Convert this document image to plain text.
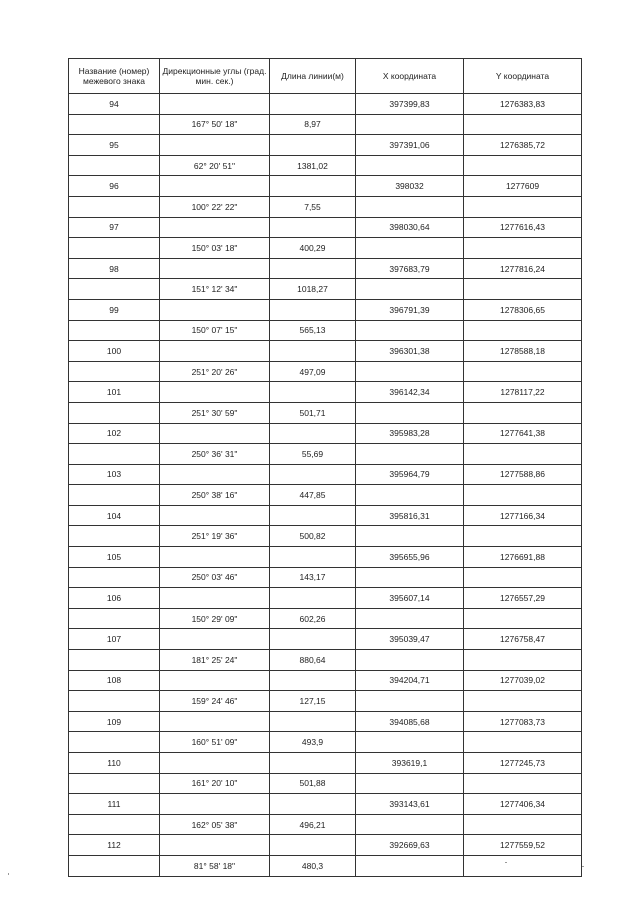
Название (номер) межевого знака	Дирекционные углы (град. мин. сек.)	Длина линии(м)	X координата	Y координата
94			397399,83	1276383,83
	167° 50' 18"	8,97		
95			397391,06	1276385,72
	62° 20' 51"	1381,02		
96			398032	1277609
	100° 22' 22"	7,55		
97			398030,64	1277616,43
	150° 03' 18"	400,29		
98			397683,79	1277816,24
	151° 12' 34"	1018,27		
99			396791,39	1278306,65
	150° 07' 15"	565,13		
100			396301,38	1278588,18
	251° 20' 26"	497,09		
101			396142,34	1278117,22
	251° 30' 59"	501,71		
102			395983,28	1277641,38
	250° 36' 31"	55,69		
103			395964,79	1277588,86
	250° 38' 16"	447,85		
104			395816,31	1277166,34
	251° 19' 36"	500,82		
105			395655,96	1276691,88
	250° 03' 46"	143,17		
106			395607,14	1276557,29
	150° 29' 09"	602,26		
107			395039,47	1276758,47
	181° 25' 24"	880,64		
108			394204,71	1277039,02
	159° 24' 46"	127,15		
109			394085,68	1277083,73
	160° 51' 09"	493,9		
110			393619,1	1277245,73
	161° 20' 10"	501,88		
111			393143,61	1277406,34
	162° 05' 38"	496,21		
112			392669,63	1277559,52
	81° 58' 18"	480,3		
